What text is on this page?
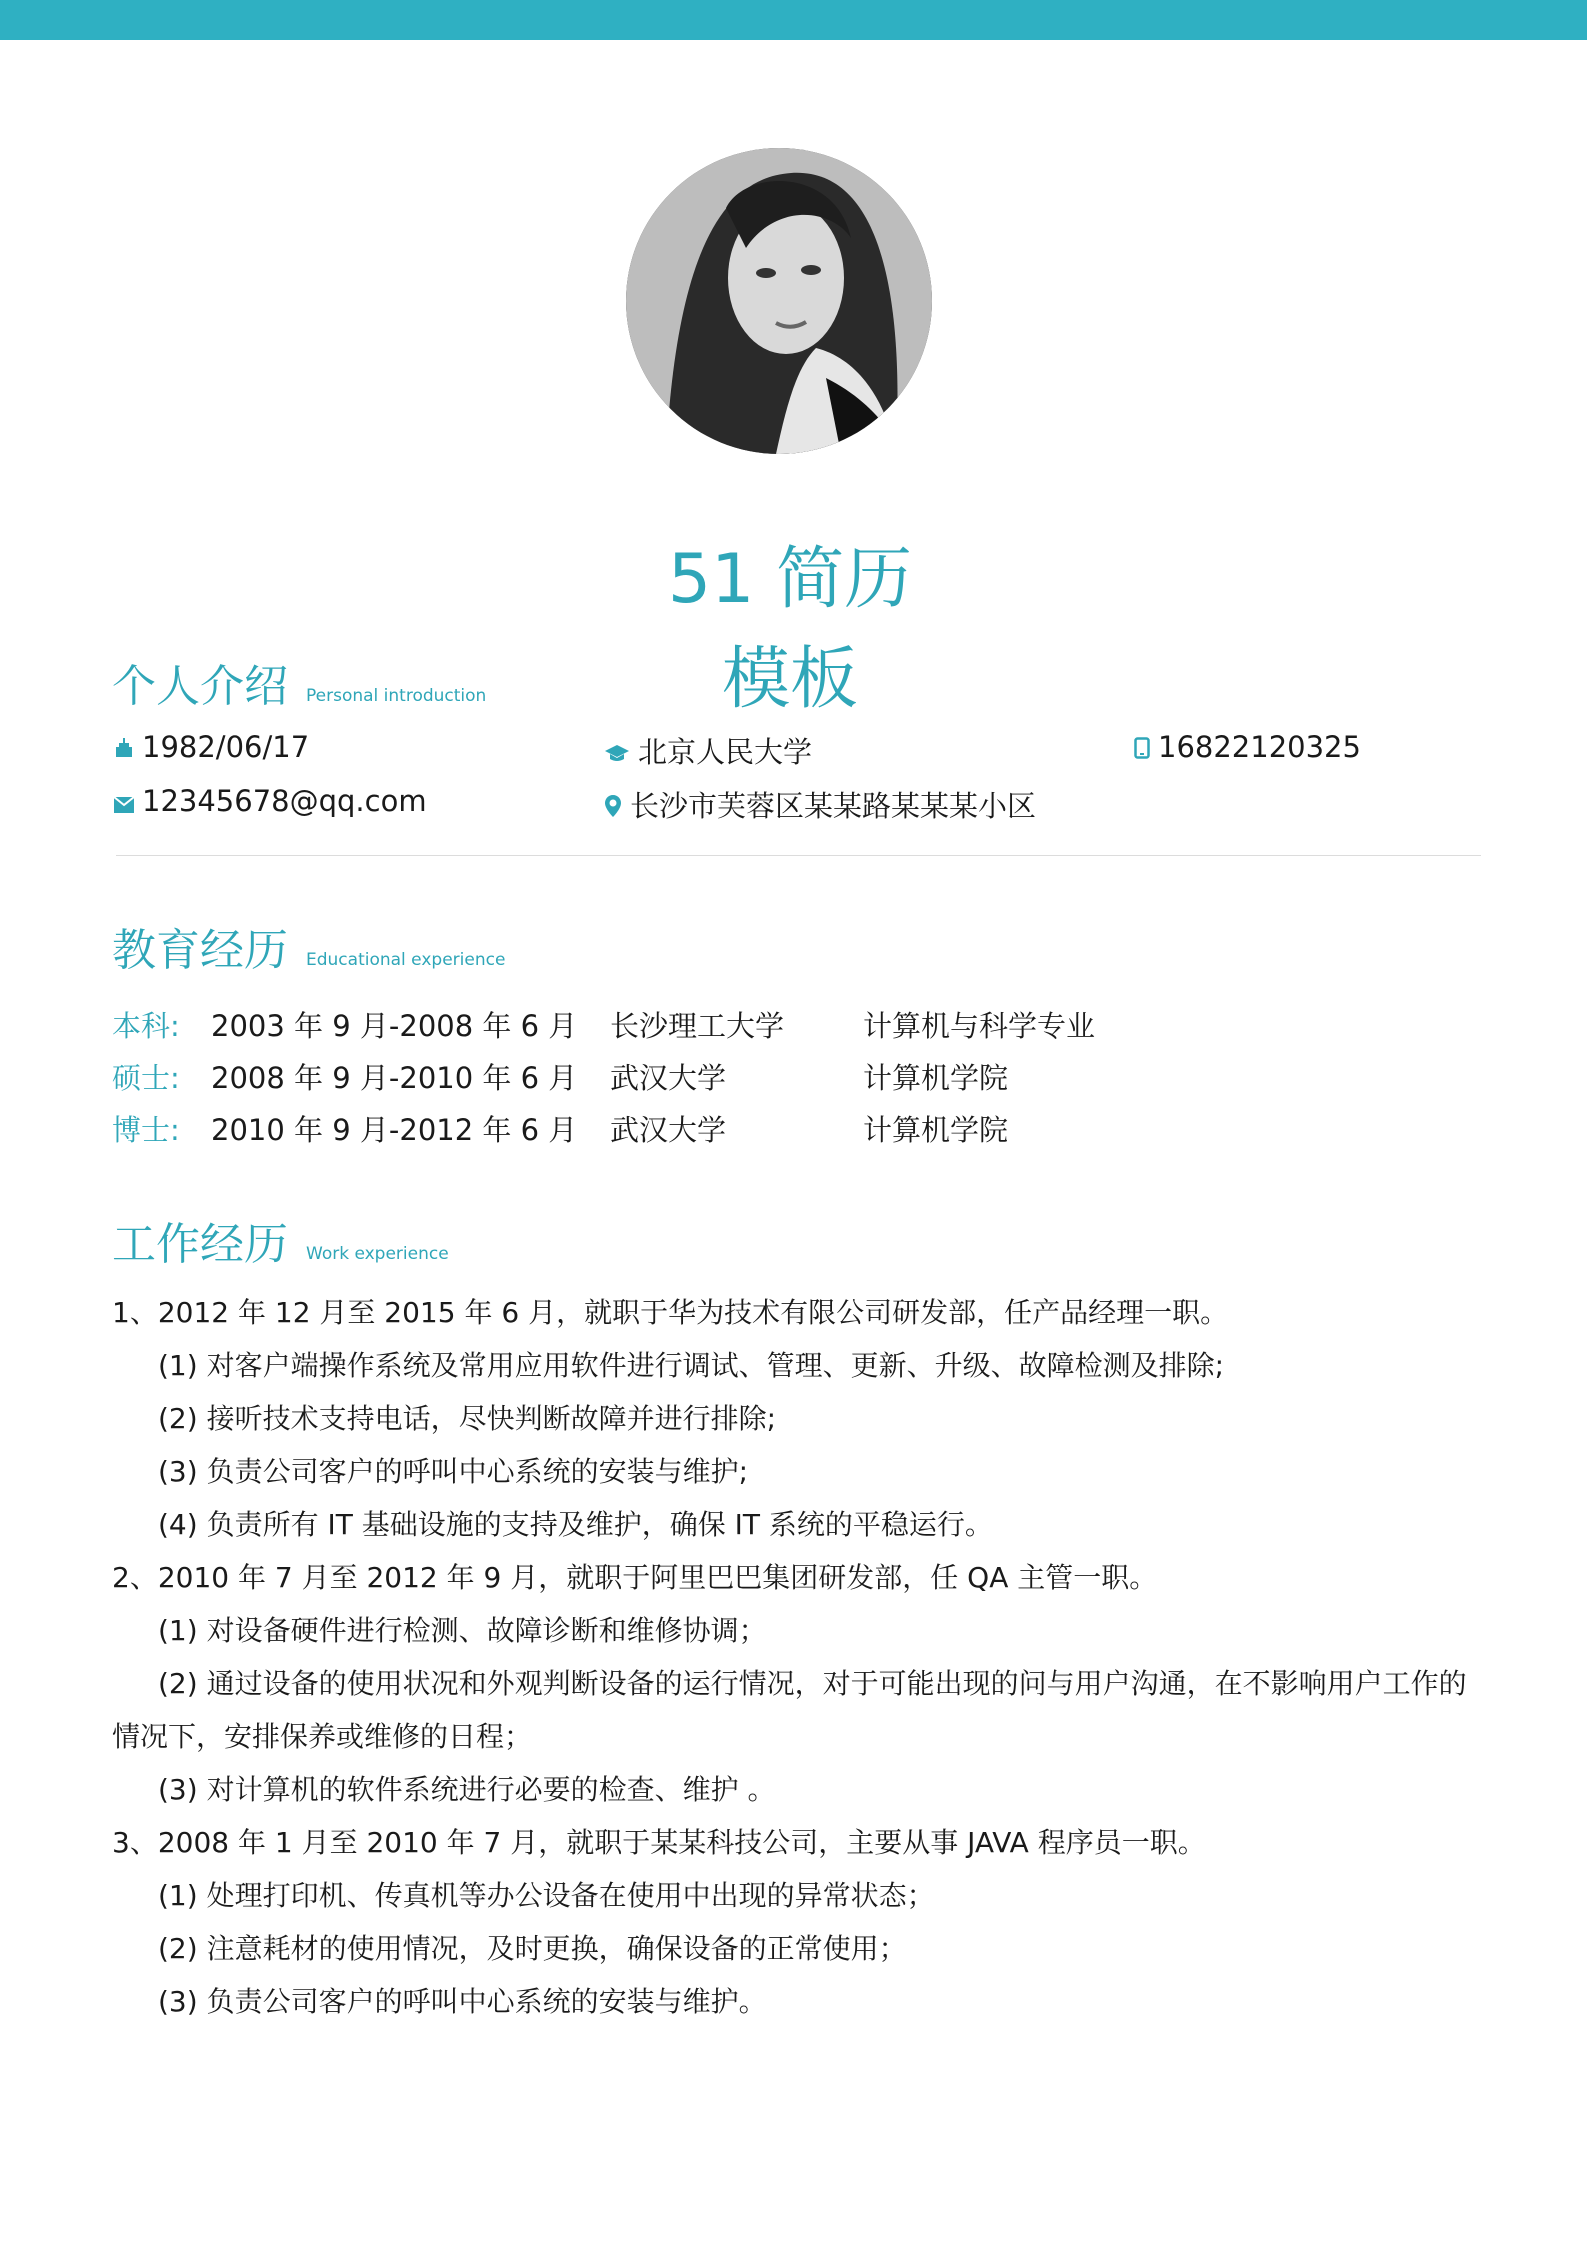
51 简历模板
个人介绍 Personal introduction
1982/06/17	北京人民大学	16822120325
12345678@qq.com	长沙市芙蓉区某某路某某某小区
教育经历 Educational experience
本科: 2003 年 9 月-2008 年 6 月 长沙理工大学	计算机与科学专业
硕士: 2008 年 9 月-2010 年 6 月 武汉大学	计算机学院
博士: 2010 年 9 月-2012 年 6 月 武汉大学	计算机学院
工作经历 Work experience

1、2012 年 12 月至 2015 年 6 月，就职于华为技术有限公司研发部，任产品经理一职。

(1) 对客户端操作系统及常用应用软件进行调试、管理、更新、升级、故障检测及排除;

(2) 接听技术支持电话，尽快判断故障并进行排除;

(3) 负责公司客户的呼叫中心系统的安装与维护;

(4) 负责所有 IT 基础设施的支持及维护，确保 IT 系统的平稳运行。

2、2010 年 7 月至 2012 年 9 月，就职于阿里巴巴集团研发部，任 QA 主管一职。

(1) 对设备硬件进行检测、故障诊断和维修协调；

(2) 通过设备的使用状况和外观判断设备的运行情况，对于可能出现的问与用户沟通，在不影响用户工作的

情况下，安排保养或维修的日程；

(3) 对计算机的软件系统进行必要的检查、维护 。

3、2008 年 1 月至 2010 年 7 月，就职于某某科技公司，主要从事 JAVA 程序员一职。

(1) 处理打印机、传真机等办公设备在使用中出现的异常状态；

(2) 注意耗材的使用情况，及时更换，确保设备的正常使用；

(3) 负责公司客户的呼叫中心系统的安装与维护。
